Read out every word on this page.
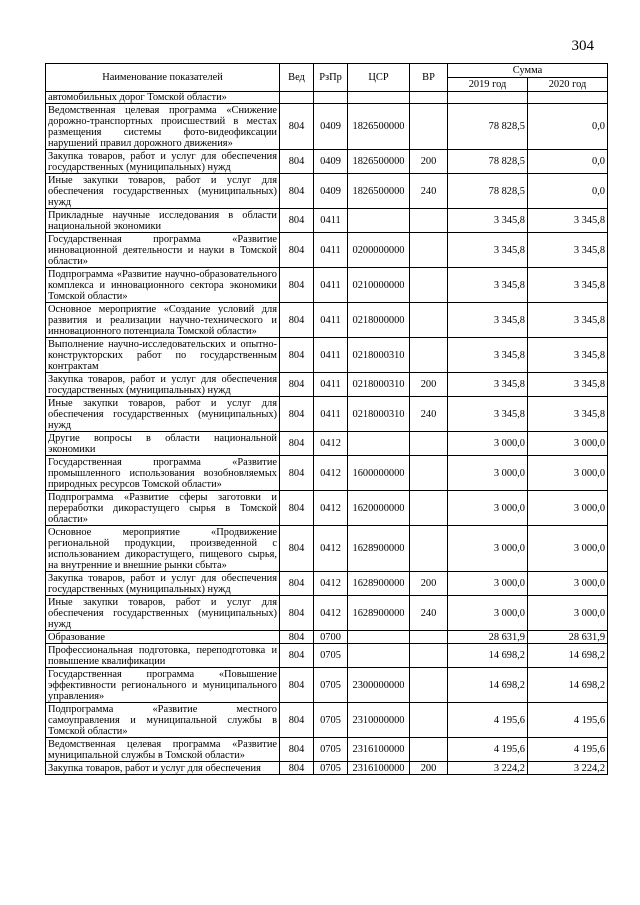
304
Наименование показателей	Вед	РзПр	ЦСР	ВР	Сумма	
					2019 год	2020 год
автомобильных дорог Томской области»						
Ведомственная целевая программа «Снижение дорожно-транспортных происшествий в местах размещения системы фото-видеофиксации нарушений правил дорожного движения»	804	0409	1826500000		78 828,5	0,0
Закупка товаров, работ и услуг для обеспечения государственных (муниципальных) нужд	804	0409	1826500000	200	78 828,5	0,0
Иные закупки товаров, работ и услуг для обеспечения государственных (муниципальных) нужд	804	0409	1826500000	240	78 828,5	0,0
Прикладные научные исследования в области национальной экономики	804	0411			3 345,8	3 345,8
Государственная программа «Развитие инновационной деятельности и науки в Томской области»	804	0411	0200000000		3 345,8	3 345,8
Подпрограмма «Развитие научно-образовательного комплекса и инновационного сектора экономики Томской области»	804	0411	0210000000		3 345,8	3 345,8
Основное мероприятие «Создание условий для развития и реализации научно-технического и инновационного потенциала Томской области»	804	0411	0218000000		3 345,8	3 345,8
Выполнение научно-исследовательских и опытно-конструкторских работ по государственным контрактам	804	0411	0218000310		3 345,8	3 345,8
Закупка товаров, работ и услуг для обеспечения государственных (муниципальных) нужд	804	0411	0218000310	200	3 345,8	3 345,8
Иные закупки товаров, работ и услуг для обеспечения государственных (муниципальных) нужд	804	0411	0218000310	240	3 345,8	3 345,8
Другие вопросы в области национальной экономики	804	0412			3 000,0	3 000,0
Государственная программа «Развитие промышленного использования возобновляемых природных ресурсов Томской области»	804	0412	1600000000		3 000,0	3 000,0
Подпрограмма «Развитие сферы заготовки и переработки дикорастущего сырья в Томской области»	804	0412	1620000000		3 000,0	3 000,0
Основное мероприятие «Продвижение региональной продукции, произведенной с использованием дикорастущего, пищевого сырья, на внутренние и внешние рынки сбыта»	804	0412	1628900000		3 000,0	3 000,0
Закупка товаров, работ и услуг для обеспечения государственных (муниципальных) нужд	804	0412	1628900000	200	3 000,0	3 000,0
Иные закупки товаров, работ и услуг для обеспечения государственных (муниципальных) нужд	804	0412	1628900000	240	3 000,0	3 000,0
Образование	804	0700			28 631,9	28 631,9
Профессиональная подготовка, переподготовка и повышение квалификации	804	0705			14 698,2	14 698,2
Государственная программа «Повышение эффективности регионального и муниципального управления»	804	0705	2300000000		14 698,2	14 698,2
Подпрограмма «Развитие местного самоуправления и муниципальной службы в Томской области»	804	0705	2310000000		4 195,6	4 195,6
Ведомственная целевая программа «Развитие муниципальной службы в Томской области»	804	0705	2316100000		4 195,6	4 195,6
Закупка товаров, работ и услуг для обеспечения	804	0705	2316100000	200	3 224,2	3 224,2
